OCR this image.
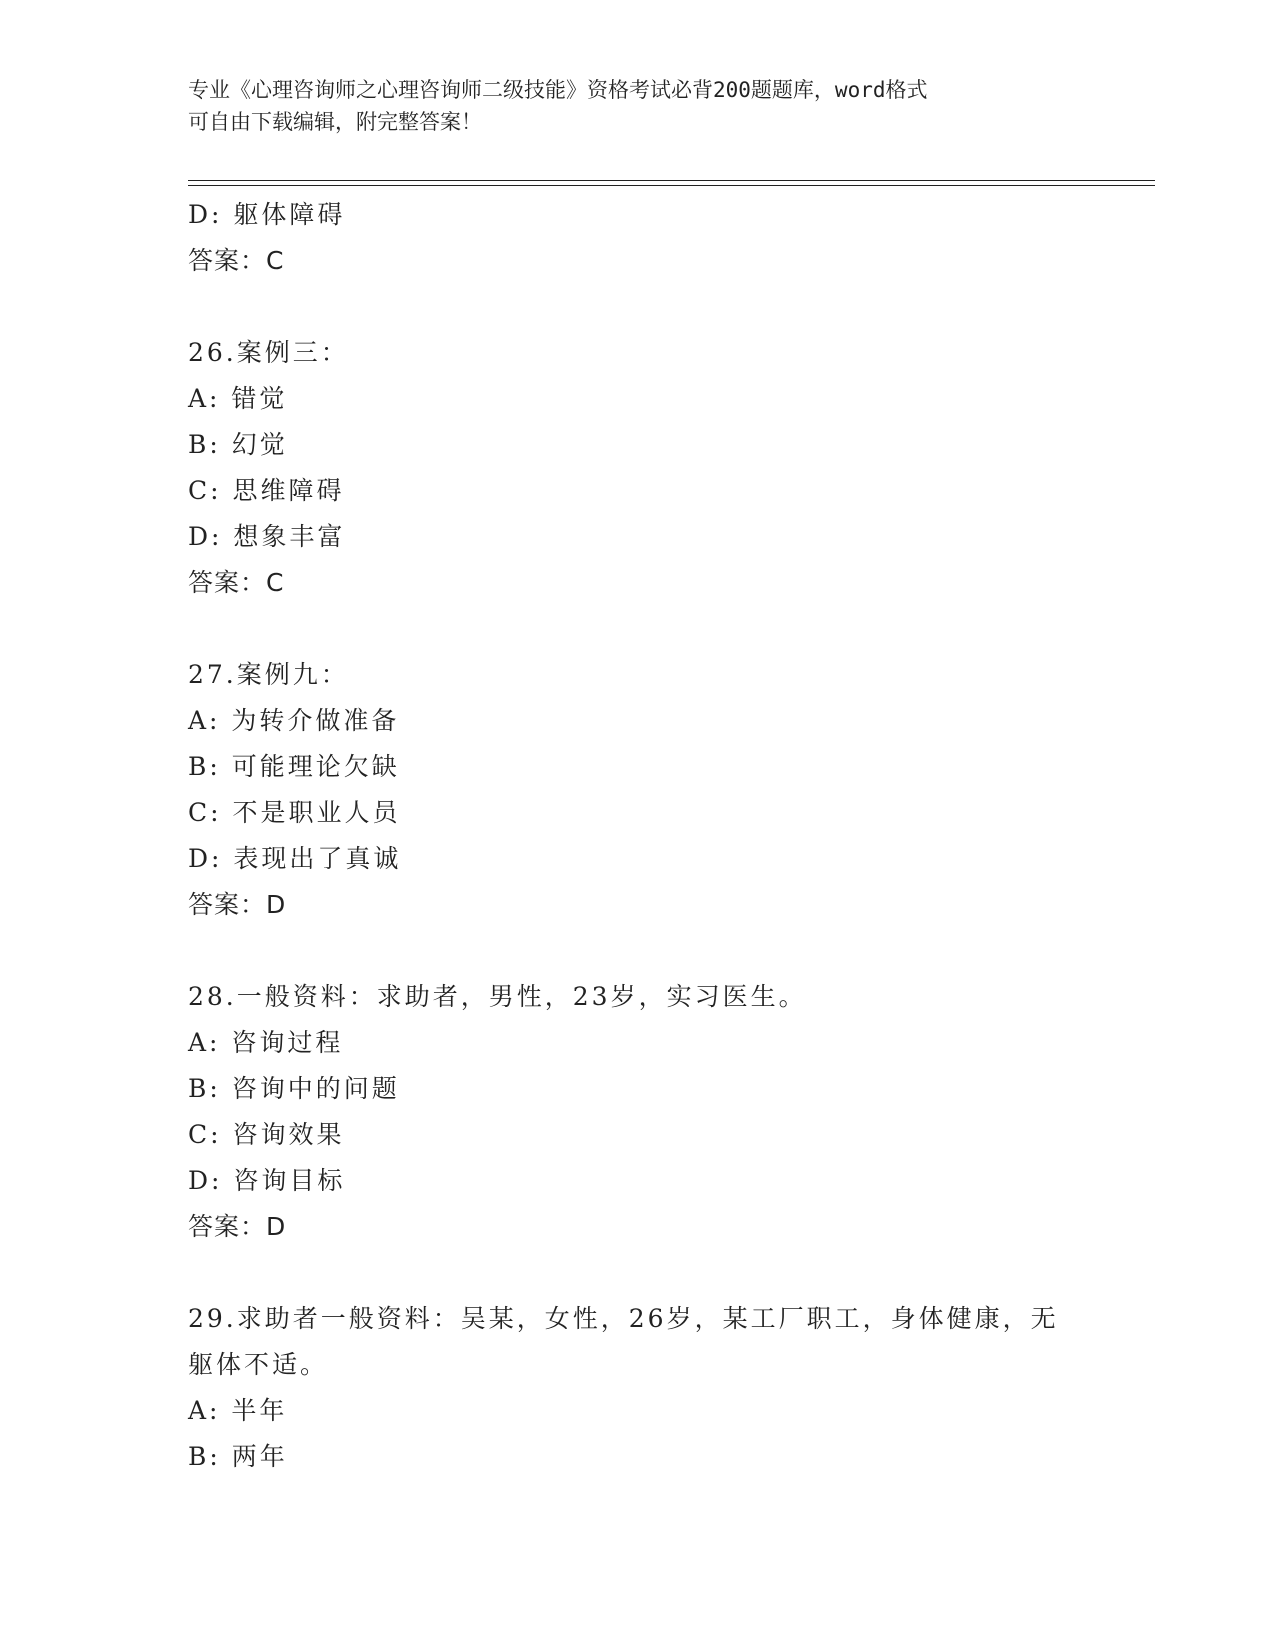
专业《心理咨询师之心理咨询师二级技能》资格考试必背200题题库，word格式
可自由下载编辑，附完整答案！
D: 躯体障碍
答案：C
26.案例三：
A: 错觉
B: 幻觉
C: 思维障碍
D: 想象丰富
答案：C
27.案例九：
A: 为转介做准备
B: 可能理论欠缺
C: 不是职业人员
D: 表现出了真诚
答案：D
28.一般资料：求助者，男性，23岁，实习医生。
A: 咨询过程
B: 咨询中的问题
C: 咨询效果
D: 咨询目标
答案：D
29.求助者一般资料：吴某，女性，26岁，某工厂职工，身体健康，无
躯体不适。
A: 半年
B: 两年
